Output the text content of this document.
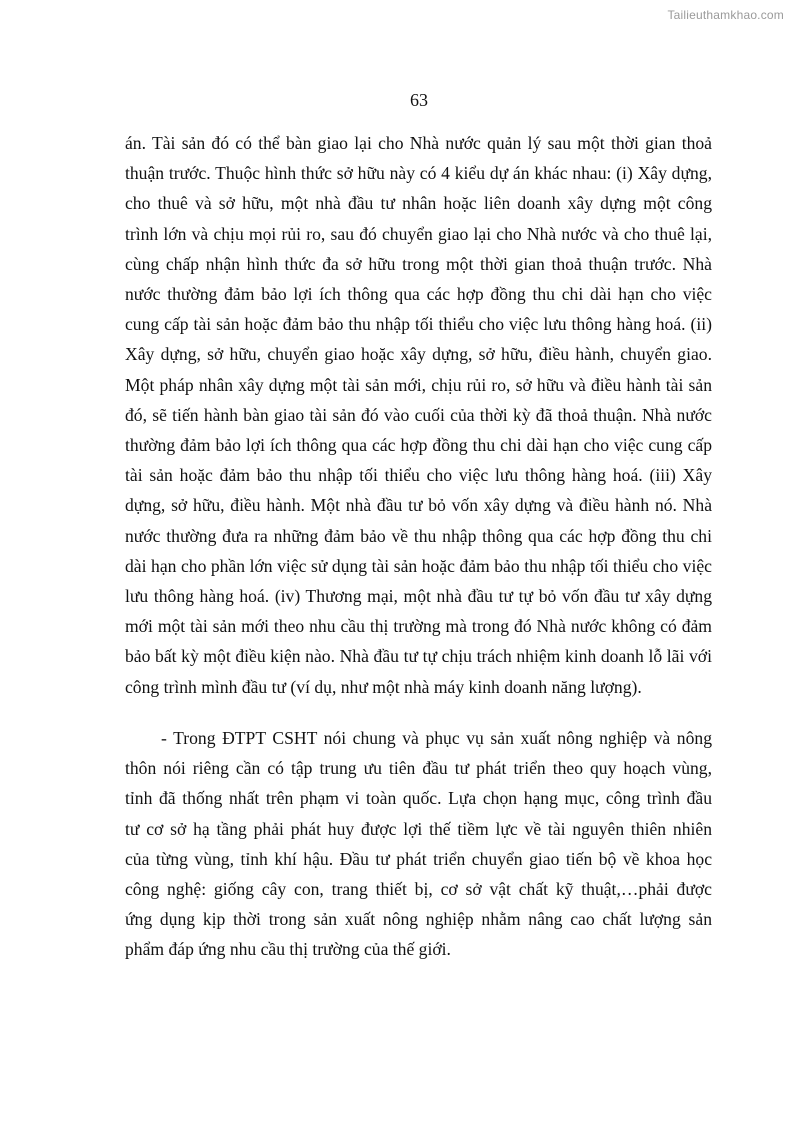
Tailieuthamkhao.com
63
án. Tài sản đó có thể bàn giao lại cho Nhà nước quản lý sau một thời gian thoả
thuận trước. Thuộc hình thức sở hữu này có 4 kiểu dự án khác nhau: (i) Xây dựng,
cho thuê và sở hữu, một nhà đầu tư nhân hoặc liên doanh xây dựng một công
trình lớn và chịu mọi rủi ro, sau đó chuyển giao lại cho Nhà nước và cho thuê lại,
cùng chấp nhận hình thức đa sở hữu trong một thời gian thoả thuận trước. Nhà
nước thường đảm bảo lợi ích thông qua các hợp đồng thu chi dài hạn cho việc
cung cấp tài sản hoặc đảm bảo thu nhập tối thiểu cho việc lưu thông hàng hoá. (ii)
Xây dựng, sở hữu, chuyển giao hoặc xây dựng, sở hữu, điều hành, chuyển giao.
Một pháp nhân xây dựng một tài sản mới, chịu rủi ro, sở hữu và điều hành tài sản
đó, sẽ tiến hành bàn giao tài sản đó vào cuối của thời kỳ đã thoả thuận. Nhà nước
thường đảm bảo lợi ích thông qua các hợp đồng thu chi dài hạn cho việc cung cấp
tài sản hoặc đảm bảo thu nhập tối thiểu cho việc lưu thông hàng hoá. (iii) Xây
dựng, sở hữu, điều hành. Một nhà đầu tư bỏ vốn xây dựng và điều hành nó. Nhà
nước thường đưa ra những đảm bảo về thu nhập thông qua các hợp đồng thu chi
dài hạn cho phần lớn việc sử dụng tài sản hoặc đảm bảo thu nhập tối thiểu cho việc
lưu thông hàng hoá. (iv) Thương mại, một nhà đầu tư tự bỏ vốn đầu tư xây dựng
mới một tài sản mới theo nhu cầu thị trường mà trong đó Nhà nước không có đảm
bảo bất kỳ một điều kiện nào. Nhà đầu tư tự chịu trách nhiệm kinh doanh lỗ lãi với
công trình mình đầu tư (ví dụ, như một nhà máy kinh doanh năng lượng).
- Trong ĐTPT CSHT nói chung và phục vụ sản xuất nông nghiệp và nông
thôn nói riêng cần có tập trung ưu tiên đầu tư phát triển theo quy hoạch vùng,
tỉnh đã thống nhất trên phạm vi toàn quốc. Lựa chọn hạng mục, công trình đầu
tư cơ sở hạ tầng phải phát huy được lợi thế tiềm lực về tài nguyên thiên nhiên
của từng vùng, tỉnh khí hậu. Đầu tư phát triển chuyển giao tiến bộ về khoa học
công nghệ: giống cây con, trang thiết bị, cơ sở vật chất kỹ thuật,…phải được
ứng dụng kịp thời trong sản xuất nông nghiệp nhằm nâng cao chất lượng sản
phẩm đáp ứng nhu cầu thị trường của thế giới.
